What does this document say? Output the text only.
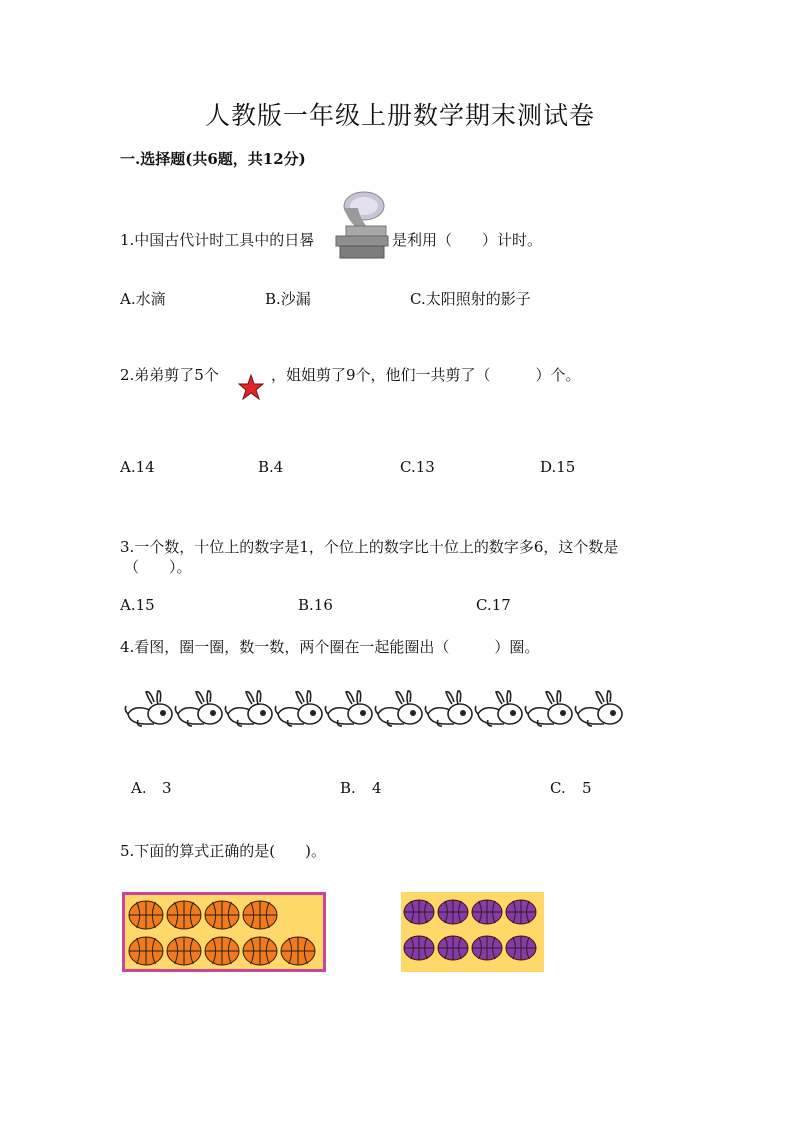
人教版一年级上册数学期末测试卷
一.选择题(共6题，共12分)
1.中国古代计时工具中的日晷	是利用（　　）计时。
A.水滴	B.沙漏	C.太阳照射的影子
2.弟弟剪了5个	，姐姐剪了9个，他们一共剪了（　　　）个。
A.14	B.4	C.13	D.15
3.一个数，十位上的数字是1，个位上的数字比十位上的数字多6，这个数是
（　　）。
A.15	B.16	C.17
4.看图，圈一圈，数一数，两个圈在一起能圈出（　　　）圈。
A. 3	B. 4	C. 5
5.下面的算式正确的是(　　)。
